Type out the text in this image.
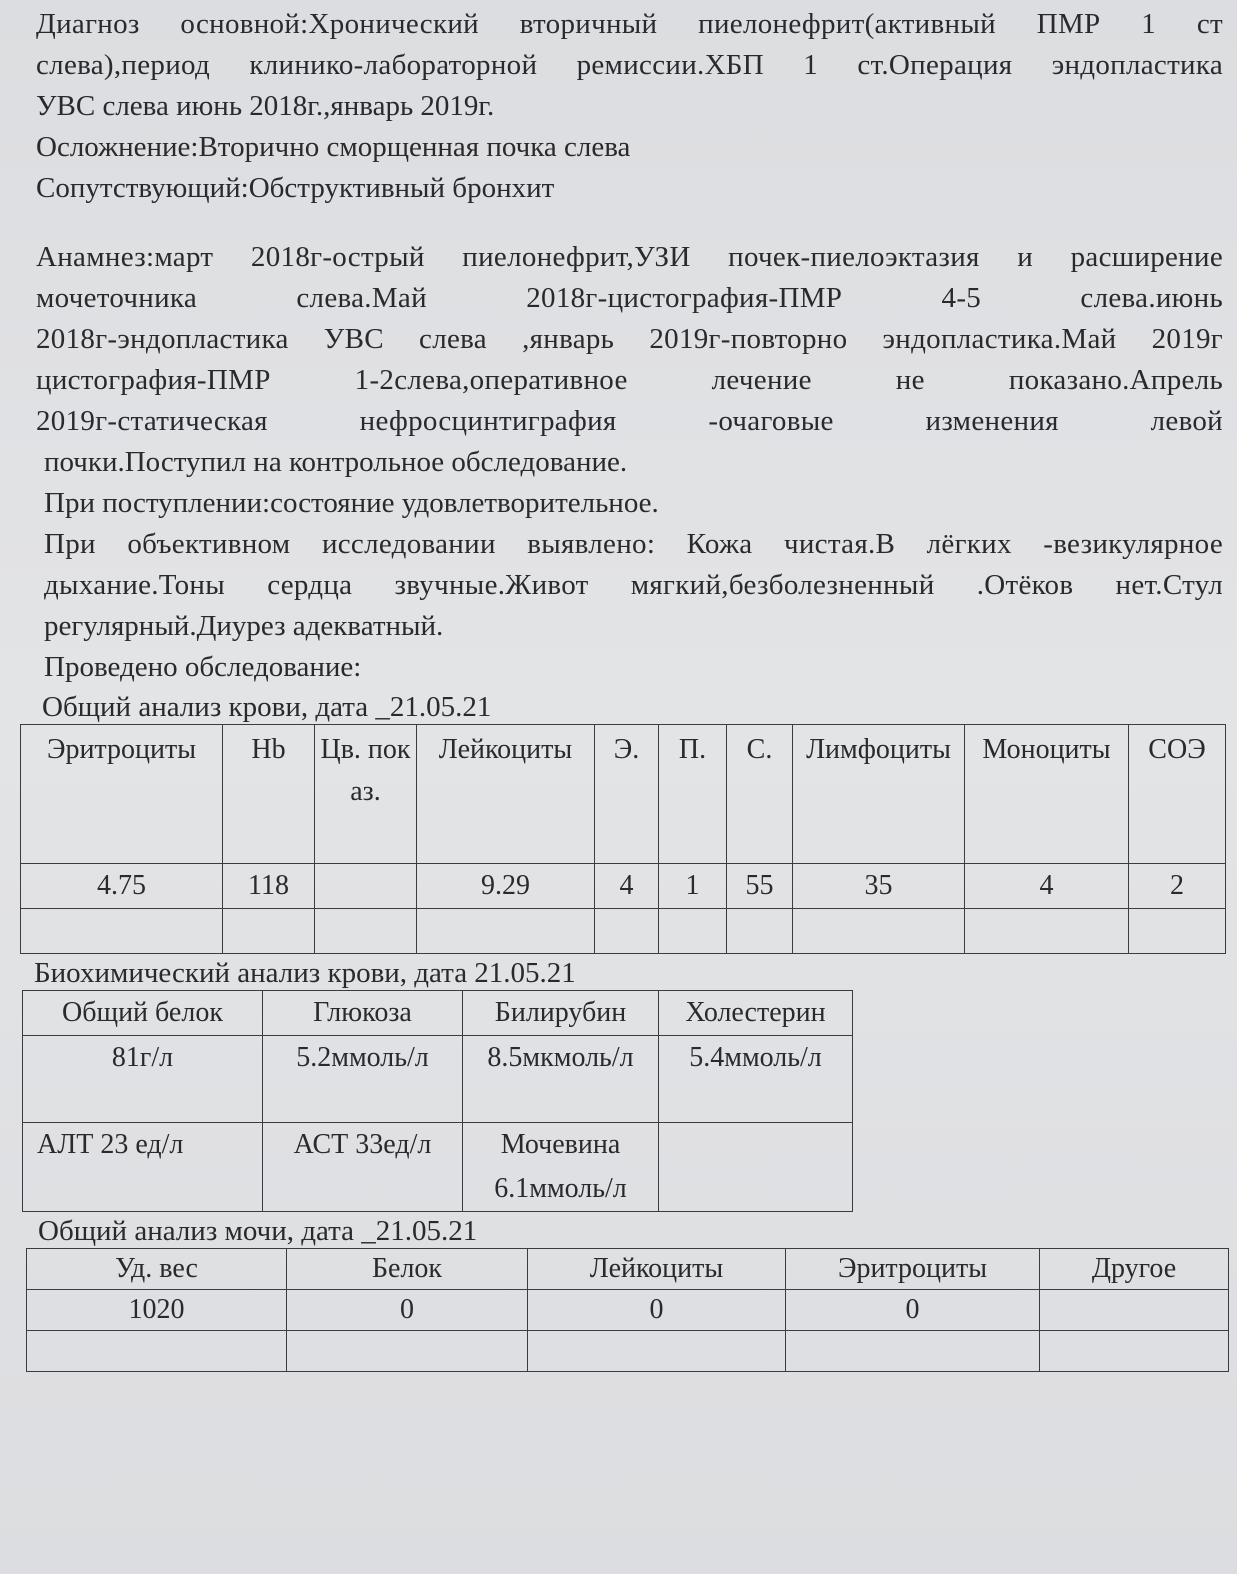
Диагноз основной:Хронический вторичный пиелонефрит(активный ПМР 1 ст

слева),период клинико-лабораторной ремиссии.ХБП 1 ст.Операция эндопластика

УВС слева июнь 2018г.,январь 2019г.

Осложнение:Вторично сморщенная почка слева

Сопутствующий:Обструктивный бронхит

Анамнез:март 2018г-острый пиелонефрит,УЗИ почек-пиелоэктазия и расширение

мочеточника слева.Май 2018г-цистография-ПМР 4-5 слева.июнь

2018г-эндопластика УВС слева ,январь 2019г-повторно эндопластика.Май 2019г

цистография-ПМР 1-2слева,оперативное лечение не показано.Апрель

2019г-статическая нефросцинтиграфия -очаговые изменения левой

почки.Поступил на контрольное обследование.

При поступлении:состояние удовлетворительное.

При объективном исследовании выявлено: Кожа чистая.В лёгких -везикулярное

дыхание.Тоны сердца звучные.Живот мягкий,безболезненный .Отёков нет.Стул

регулярный.Диурез адекватный.

Проведено обследование:

Общий анализ крови, дата _21.05.21

Эритроциты	Hb	Цв. показ.	Лейкоциты	Э.	П.	С.	Лимфоциты	Моноциты	СОЭ
4.75	118		9.29	4	1	55	35	4	2

Биохимический анализ крови, дата 21.05.21

Общий белок	Глюкоза	Билирубин	Холестерин
81г/л	5.2ммоль/л	8.5мкмоль/л	5.4ммоль/л
АЛТ 23 ед/л	АСТ 33ед/л	Мочевина 6.1ммоль/л	

Общий анализ мочи, дата _21.05.21

Уд. вес	Белок	Лейкоциты	Эритроциты	Другое
1020	0	0	0	
